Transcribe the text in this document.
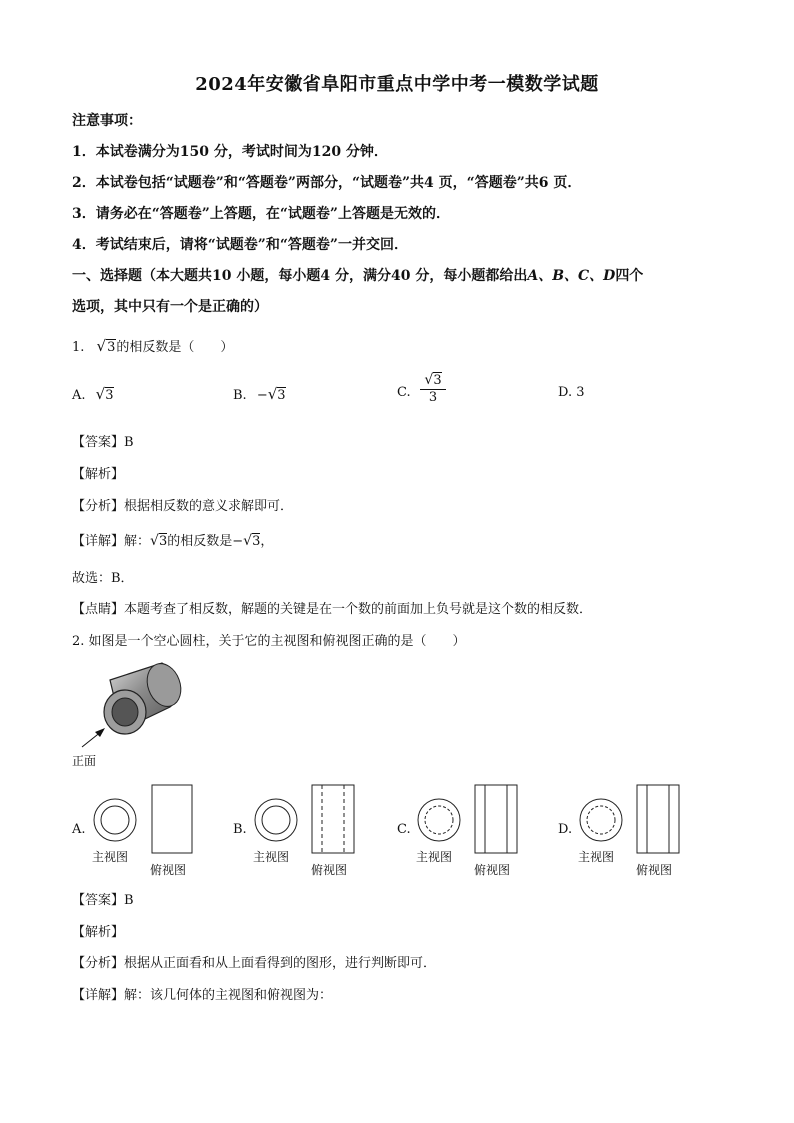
2024年安徽省阜阳市重点中学中考一模数学试题
注意事项：
1．本试卷满分为150 分，考试时间为120 分钟．
2．本试卷包括“试题卷”和“答题卷”两部分，“试题卷”共4 页，“答题卷”共6 页．
3．请务必在“答题卷”上答题，在“试题卷”上答题是无效的．
4．考试结束后，请将“试题卷”和“答题卷”一并交回．
一、选择题（本大题共10 小题，每小题4 分，满分40 分，每小题都给出A、B、C、D四个
选项，其中只有一个是正确的）
1. √3的相反数是（　　）
A. √3	B. −√3	C. $\frac{√3}{3}$	D. 3
【答案】B
【解析】
【分析】根据相反数的意义求解即可．
【详解】解：√3的相反数是−√3，
故选：B．
【点睛】本题考查了相反数，解题的关键是在一个数的前面加上负号就是这个数的相反数．
2. 如图是一个空心圆柱，关于它的主视图和俯视图正确的是（　　）
正面
A.
主视图
俯视图
B.
主视图
俯视图
C.
主视图
俯视图
D.
主视图
俯视图
【答案】B
【解析】
【分析】根据从正面看和从上面看得到的图形，进行判断即可．
【详解】解：该几何体的主视图和俯视图为：
